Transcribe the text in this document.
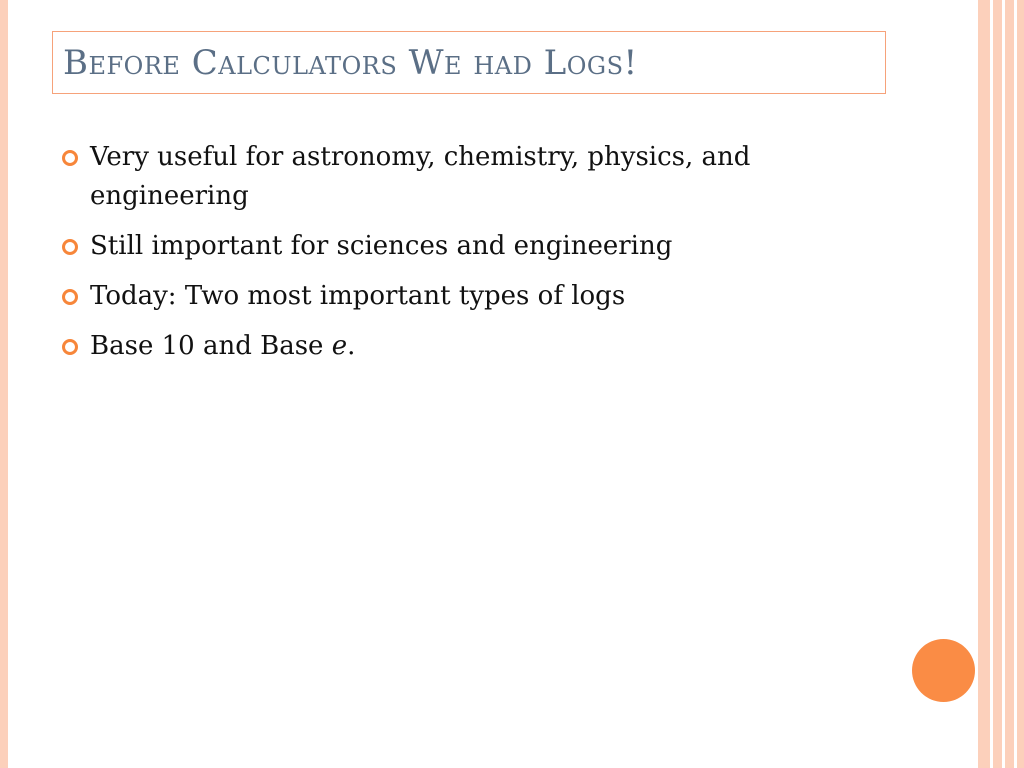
Before Calculators We had Logs!
Very useful for astronomy, chemistry, physics, and engineering
Still important for sciences and engineering
Today: Two most important types of logs
Base 10 and Base e.
